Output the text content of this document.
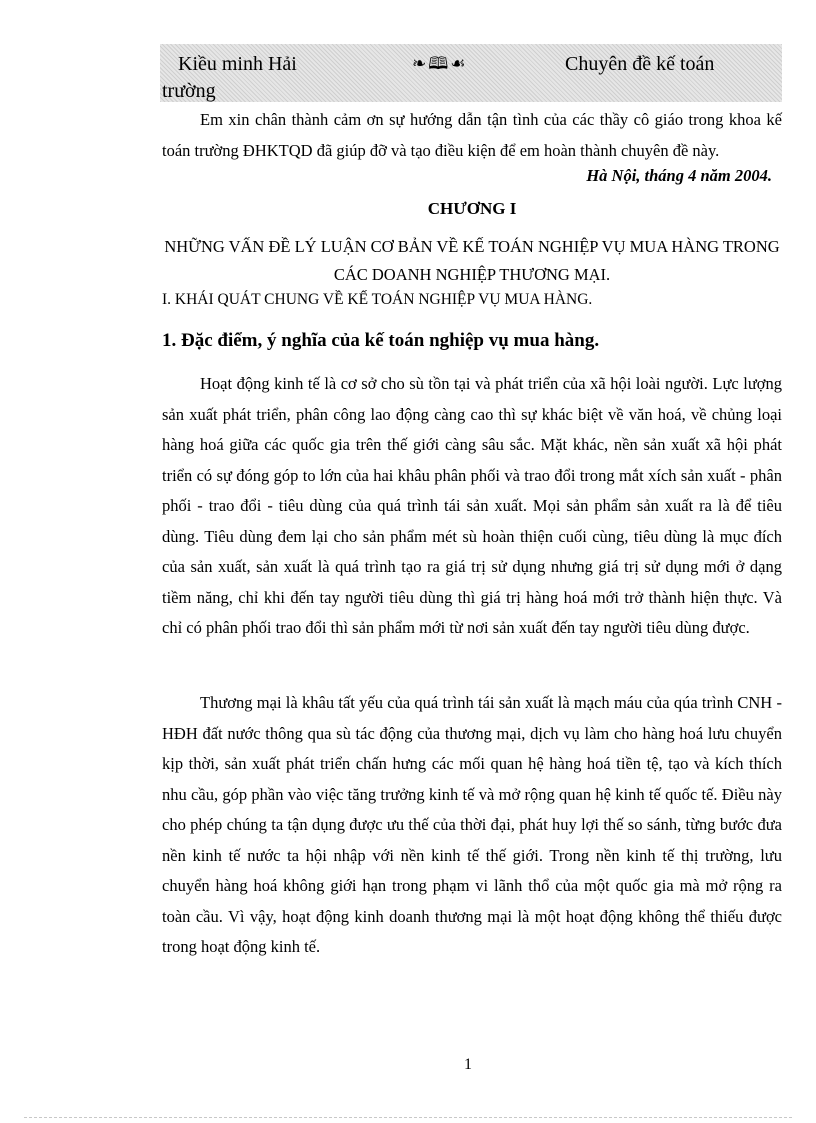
Kiều minh Hải
trường
❧🕮☙	Chuyên đề kế toán
Em xin chân thành cảm ơn sự hướng dẫn tận tình của các thầy cô giáo trong khoa kế toán trường ĐHKTQD đã giúp đỡ và tạo điều kiện để em hoàn thành chuyên đề này.
Hà Nội, tháng 4 năm 2004.
CHƯƠNG I
NHỮNG VẤN ĐỀ LÝ LUẬN CƠ BẢN VỀ KẾ TOÁN NGHIỆP VỤ MUA HÀNG TRONG CÁC DOANH NGHIỆP THƯƠNG MẠI.
I. KHÁI QUÁT CHUNG VỀ KẾ TOÁN NGHIỆP VỤ MUA HÀNG.
1. Đặc điểm, ý nghĩa của kế toán nghiệp vụ mua hàng.
Hoạt động kinh tế là cơ sở cho sù tồn tại và phát triển của xã hội loài người. Lực lượng sản xuất phát triển, phân công lao động càng cao thì sự khác biệt về văn hoá, về chủng loại hàng hoá giữa các quốc gia trên thế giới càng sâu sắc. Mặt khác, nền sản xuất xã hội phát triển có sự đóng góp to lớn của hai khâu phân phối và trao đổi trong mắt xích sản xuất - phân phối - trao đổi - tiêu dùng của quá trình tái sản xuất. Mọi sản phẩm sản xuất ra là để tiêu dùng. Tiêu dùng đem lại cho sản phẩm mét sù hoàn thiện cuối cùng, tiêu dùng là mục đích của sản xuất, sản xuất là quá trình tạo ra giá trị sử dụng nhưng giá trị sử dụng mới ở dạng tiềm năng, chỉ khi đến tay người tiêu dùng thì giá trị hàng hoá mới trở thành hiện thực. Và chỉ có phân phối trao đổi thì sản phẩm mới từ nơi sản xuất đến tay người tiêu dùng được.
Thương mại là khâu tất yếu của quá trình tái sản xuất là mạch máu của qúa trình CNH - HĐH đất nước thông qua sù tác động của thương mại, dịch vụ làm cho hàng hoá lưu chuyển kịp thời, sản xuất phát triển chấn hưng các mối quan hệ hàng hoá tiền tệ, tạo và kích thích nhu cầu, góp phần vào việc tăng trưởng kinh tế và mở rộng quan hệ kinh tế quốc tế. Điều này cho phép chúng ta tận dụng được ưu thế của thời đại, phát huy lợi thế so sánh, từng bước đưa nền kinh tế nước ta hội nhập với nền kinh tế thế giới. Trong nền kinh tế thị trường, lưu chuyển hàng hoá không giới hạn trong phạm vi lãnh thổ của một quốc gia mà mở rộng ra toàn cầu. Vì vậy, hoạt động kinh doanh thương mại là một hoạt động không thể thiếu được trong hoạt động kinh tế.
1
